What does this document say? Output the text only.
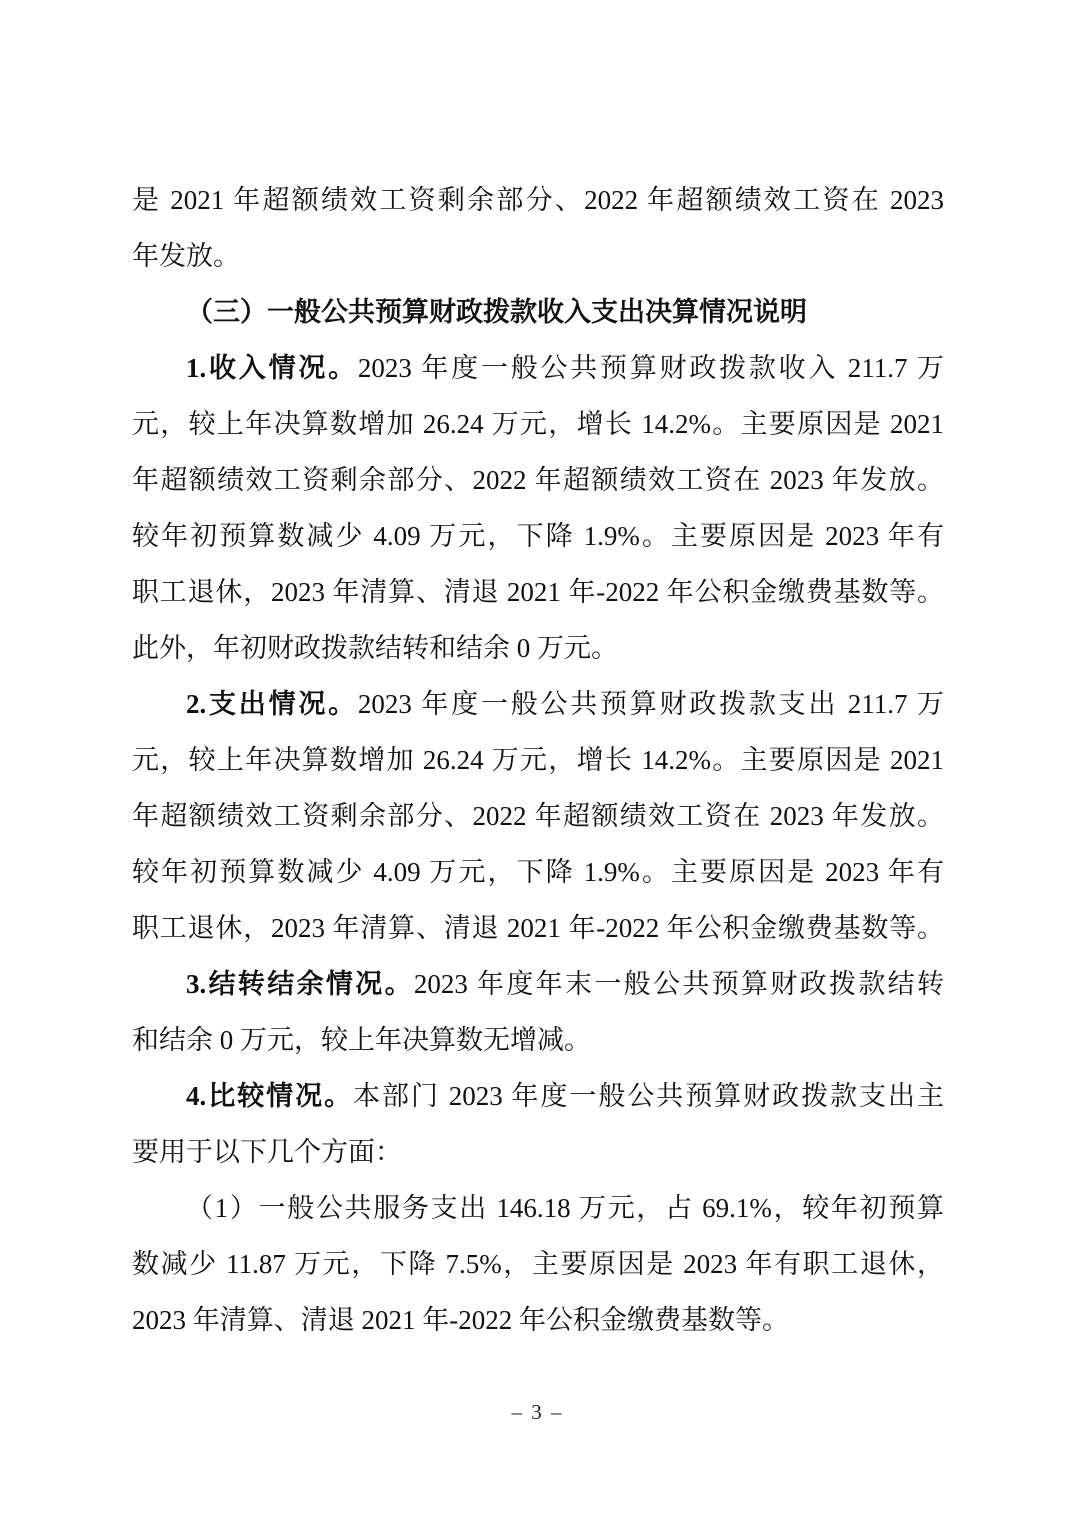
是 2021 年超额绩效工资剩余部分、2022 年超额绩效工资在 2023
年发放。
（三）一般公共预算财政拨款收入支出决算情况说明
1.收入情况。2023 年度一般公共预算财政拨款收入 211.7 万
元，较上年决算数增加 26.24 万元，增长 14.2%。主要原因是 2021
年超额绩效工资剩余部分、2022 年超额绩效工资在 2023 年发放。
较年初预算数减少 4.09 万元，下降 1.9%。主要原因是 2023 年有
职工退休，2023 年清算、清退 2021 年-2022 年公积金缴费基数等。
此外，年初财政拨款结转和结余 0 万元。
2.支出情况。2023 年度一般公共预算财政拨款支出 211.7 万
元，较上年决算数增加 26.24 万元，增长 14.2%。主要原因是 2021
年超额绩效工资剩余部分、2022 年超额绩效工资在 2023 年发放。
较年初预算数减少 4.09 万元，下降 1.9%。主要原因是 2023 年有
职工退休，2023 年清算、清退 2021 年-2022 年公积金缴费基数等。
3.结转结余情况。2023 年度年末一般公共预算财政拨款结转
和结余 0 万元，较上年决算数无增减。
4.比较情况。本部门 2023 年度一般公共预算财政拨款支出主
要用于以下几个方面：
（1）一般公共服务支出 146.18 万元，占 69.1%，较年初预算
数减少 11.87 万元，下降 7.5%，主要原因是 2023 年有职工退休，
2023 年清算、清退 2021 年-2022 年公积金缴费基数等。
– 3 –
